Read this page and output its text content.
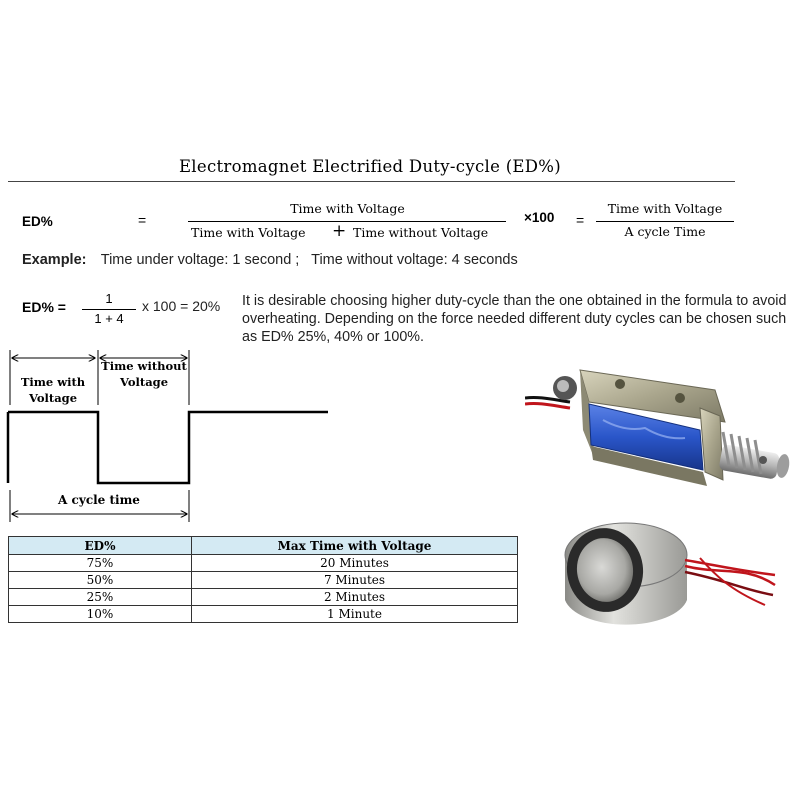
Electromagnet Electrified Duty-cycle (ED%)
ED%	=
Time with Voltage
Time with Voltage + Time without Voltage
×100 =
Time with Voltage
A cycle Time
Example: Time under voltage: 1 second ;   Time without voltage: 4 seconds
ED% =
1
1 + 4
x 100 = 20% It is desirable choosing higher duty-cycle than the one obtained in the formula to avoid overheating. Depending on the force needed different duty cycles can be chosen such as ED% 25%, 40% or 100%.
Time with Voltage
Time without Voltage
A cycle time
ED%	Max Time with Voltage
75%	20 Minutes
50%	7 Minutes
25%	2 Minutes
10%	1 Minute
